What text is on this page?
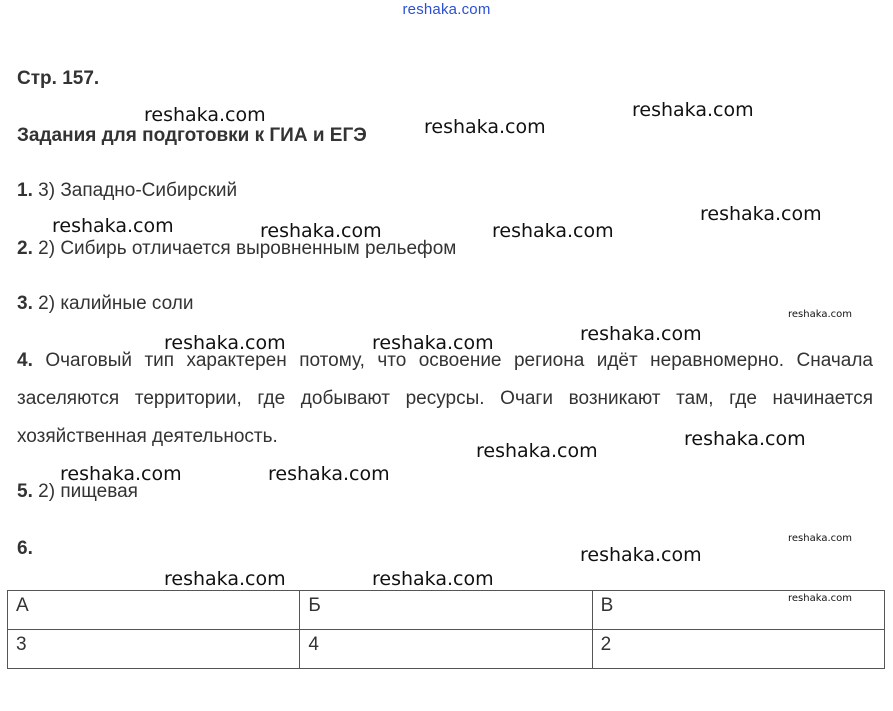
reshaka.com
Стр. 157.
Задания для подготовки к ГИА и ЕГЭ
1. 3) Западно-Сибирский
2. 2) Сибирь отличается выровненным рельефом
3. 2) калийные соли
4. Очаговый тип характерен потому, что освоение региона идёт неравномерно. Сначала заселяются территории, где добывают ресурсы. Очаги возникают там, где начинается хозяйственная деятельность.
5. 2) пищевая
6.
А	Б	В
3	4	2
reshaka.com	reshaka.com
reshaka.com
reshaka.com
reshaka.com	reshaka.com	reshaka.com
reshaka.com
reshaka.com
reshaka.com	reshaka.com
reshaka.com
reshaka.com
reshaka.com	reshaka.com
reshaka.com
reshaka.com
reshaka.com	reshaka.com
reshaka.com
